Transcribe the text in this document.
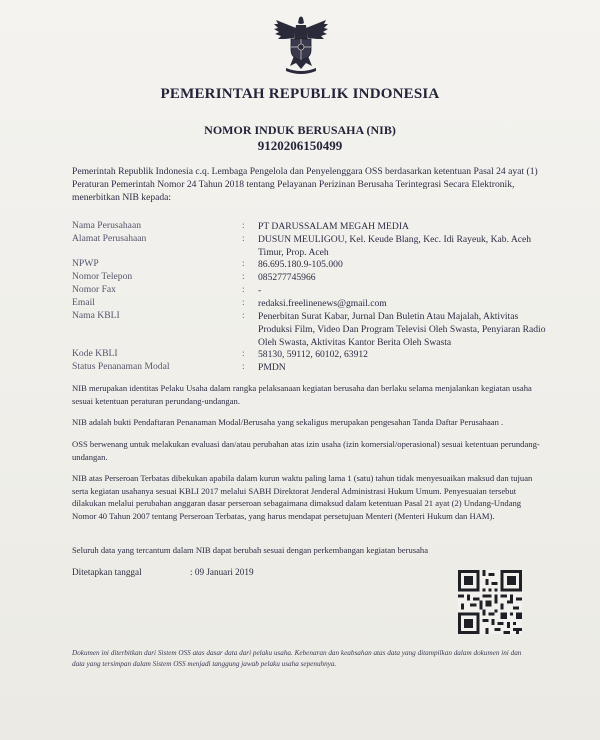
PEMERINTAH REPUBLIK INDONESIA
NOMOR INDUK BERUSAHA (NIB)
9120206150499
Pemerintah Republik Indonesia c.q. Lembaga Pengelola dan Penyelenggara OSS berdasarkan ketentuan Pasal 24 ayat (1) Peraturan Pemerintah Nomor 24 Tahun 2018 tentang Pelayanan Perizinan Berusaha Terintegrasi Secara Elektronik, menerbitkan NIB kepada:
Nama Perusahaan	: PT DARUSSALAM MEGAH MEDIA
Alamat Perusahaan	: DUSUN MEULIGOU, Kel. Keude Blang, Kec. Idi Rayeuk, Kab. Aceh Timur, Prop. Aceh
NPWP	: 86.695.180.9-105.000
Nomor Telepon	: 085277745966
Nomor Fax	: -
Email	: redaksi.freelinenews@gmail.com
Nama KBLI	: Penerbitan Surat Kabar, Jurnal Dan Buletin Atau Majalah, Aktivitas Produksi Film, Video Dan Program Televisi Oleh Swasta, Penyiaran Radio Oleh Swasta, Aktivitas Kantor Berita Oleh Swasta
Kode KBLI	: 58130, 59112, 60102, 63912
Status Penanaman Modal	: PMDN
NIB merupakan identitas Pelaku Usaha dalam rangka pelaksanaan kegiatan berusaha dan berlaku selama menjalankan kegiatan usaha sesuai ketentuan peraturan perundang-undangan.
NIB adalah bukti Pendaftaran Penanaman Modal/Berusaha yang sekaligus merupakan pengesahan Tanda Daftar Perusahaan .
OSS berwenang untuk melakukan evaluasi dan/atau perubahan atas izin usaha (izin komersial/operasional) sesuai ketentuan perundang-undangan.
NIB atas Perseroan Terbatas dibekukan apabila dalam kurun waktu paling lama 1 (satu) tahun tidak menyesuaikan maksud dan tujuan serta kegiatan usahanya sesuai KBLI 2017 melalui SABH Direktorat Jenderal Administrasi Hukum Umum. Penyesuaian tersebut dilakukan melalui perubahan anggaran dasar perseroan sebagaimana dimaksud dalam ketentuan Pasal 21 ayat (2) Undang-Undang Nomor 40 Tahun 2007 tentang Perseroan Terbatas, yang harus mendapat persetujuan Menteri (Menteri Hukum dan HAM).
Seluruh data yang tercantum dalam NIB dapat berubah sesuai dengan perkembangan kegiatan berusaha
Ditetapkan tanggal	: 09 Januari 2019
Dokumen ini diterbitkan dari Sistem OSS atas dasar data dari pelaku usaha. Kebenaran dan keabsahan atas data yang ditampilkan dalam dokumen ini dan data yang tersimpan dalam Sistem OSS menjadi tanggung jawab pelaku usaha sepenuhnya.
